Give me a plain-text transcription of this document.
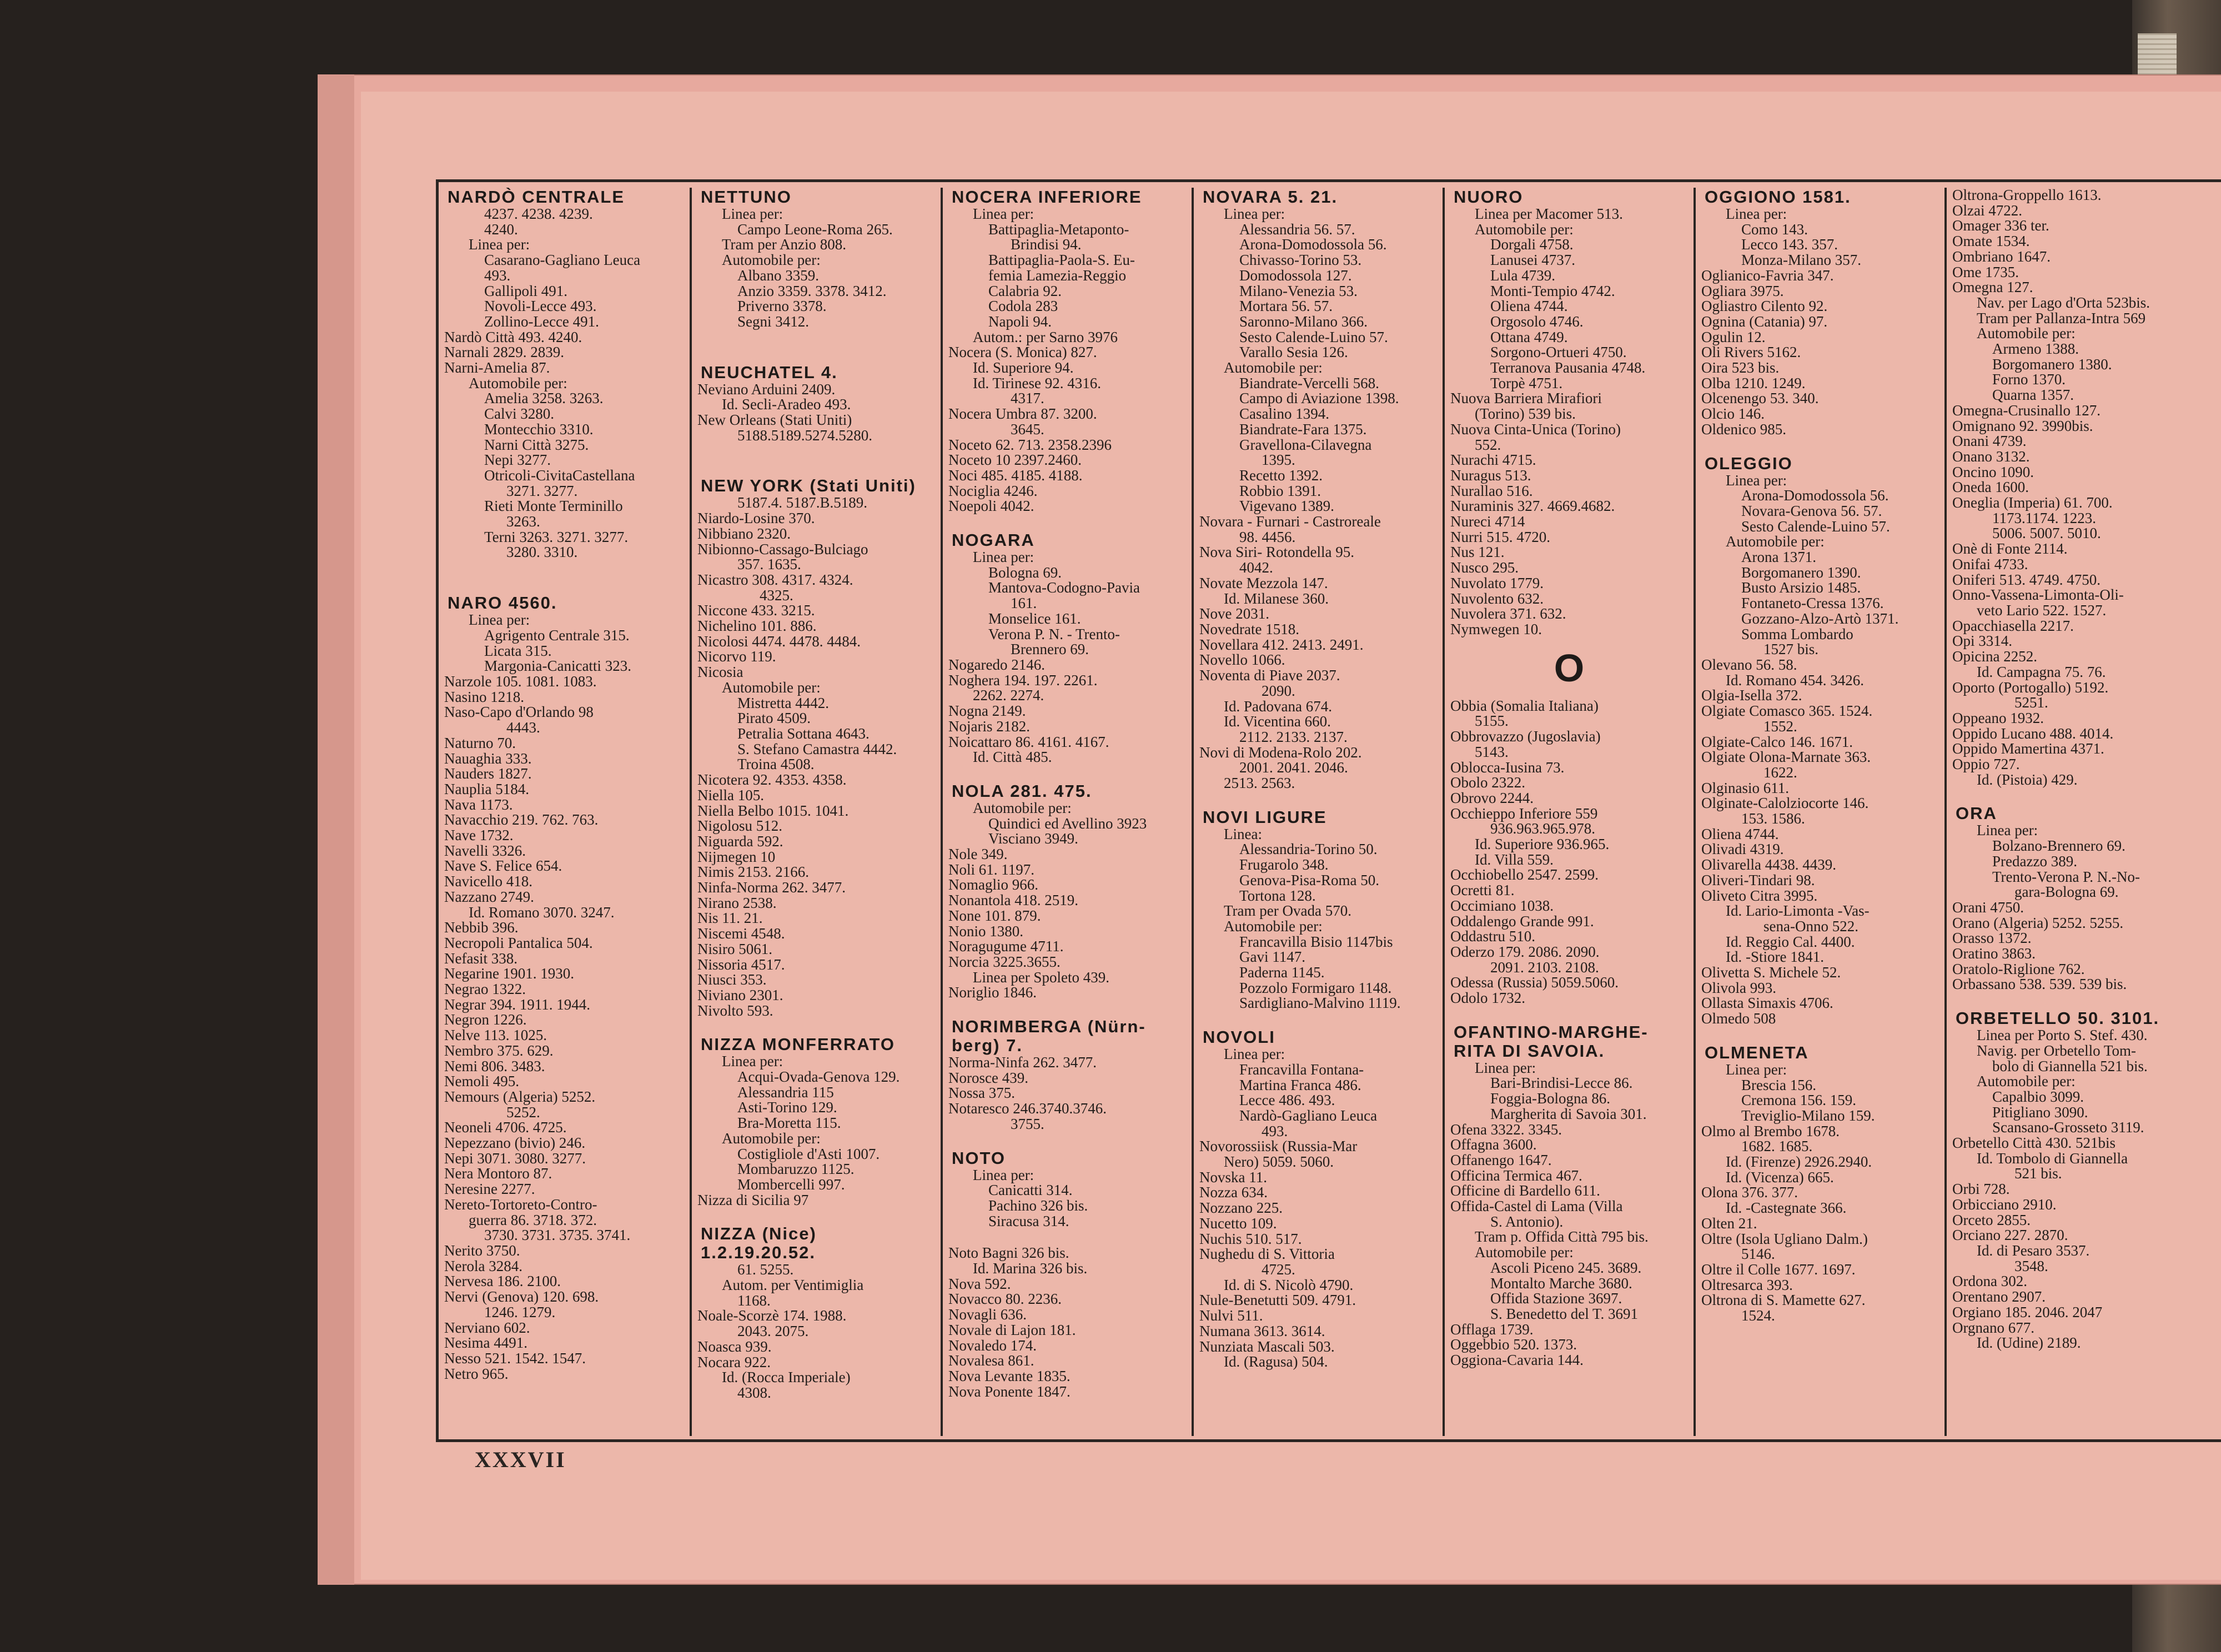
NARDÒ CENTRALE
4237. 4238. 4239.
4240.
Linea per:
Casarano-Gagliano Leuca
493.
Gallipoli 491.
Novoli-Lecce 493.
Zollino-Lecce 491.
Nardò Città 493. 4240.
Narnali 2829. 2839.
Narni-Amelia 87.
Automobile per:
Amelia 3258. 3263.
Calvi 3280.
Montecchio 3310.
Narni Città 3275.
Nepi 3277.
Otricoli-CivitaCastellana
3271. 3277.
Rieti Monte Terminillo
3263.
Terni 3263. 3271. 3277.
3280. 3310.
NARO 4560.
Linea per:
Agrigento Centrale 315.
Licata 315.
Margonia-Canicatti 323.
Narzole 105. 1081. 1083.
Nasino 1218.
Naso-Capo d'Orlando 98
4443.
Naturno 70.
Nauaghia 333.
Nauders 1827.
Nauplia 5184.
Nava 1173.
Navacchio 219. 762. 763.
Nave 1732.
Navelli 3326.
Nave S. Felice 654.
Navicello 418.
Nazzano 2749.
Id. Romano 3070. 3247.
Nebbib 396.
Necropoli Pantalica 504.
Nefasit 338.
Negarine 1901. 1930.
Negrao 1322.
Negrar 394. 1911. 1944.
Negron 1226.
Nelve 113. 1025.
Nembro 375. 629.
Nemi 806. 3483.
Nemoli 495.
Nemours (Algeria) 5252.
5252.
Neoneli 4706. 4725.
Nepezzano (bivio) 246.
Nepi 3071. 3080. 3277.
Nera Montoro 87.
Neresine 2277.
Nereto-Tortoreto-Contro-
guerra 86. 3718. 372.
3730. 3731. 3735. 3741.
Nerito 3750.
Nerola 3284.
Nervesa 186. 2100.
Nervi (Genova) 120. 698.
1246. 1279.
Nerviano 602.
Nesima 4491.
Nesso 521. 1542. 1547.
Netro 965.
NETTUNO
Linea per:
Campo Leone-Roma 265.
Tram per Anzio 808.
Automobile per:
Albano 3359.
Anzio 3359. 3378. 3412.
Priverno 3378.
Segni 3412.
NEUCHATEL 4.
Neviano Arduini 2409.
Id. Secli-Aradeo 493.
New Orleans (Stati Uniti)
5188.5189.5274.5280.
NEW YORK (Stati Uniti)
5187.4. 5187.B.5189.
Niardo-Losine 370.
Nibbiano 2320.
Nibionno-Cassago-Bulciago
357. 1635.
Nicastro 308. 4317. 4324.
4325.
Niccone 433. 3215.
Nichelino 101. 886.
Nicolosi 4474. 4478. 4484.
Nicorvo 119.
Nicosia
Automobile per:
Mistretta 4442.
Pirato 4509.
Petralia Sottana 4643.
S. Stefano Camastra 4442.
Troina 4508.
Nicotera 92. 4353. 4358.
Niella 105.
Niella Belbo 1015. 1041.
Nigolosu 512.
Niguarda 592.
Nijmegen 10
Nimis 2153. 2166.
Ninfa-Norma 262. 3477.
Nirano 2538.
Nis 11. 21.
Niscemi 4548.
Nisiro 5061.
Nissoria 4517.
Niusci 353.
Niviano 2301.
Nivolto 593.
NIZZA MONFERRATO
Linea per:
Acqui-Ovada-Genova 129.
Alessandria 115
Asti-Torino 129.
Bra-Moretta 115.
Automobile per:
Costigliole d'Asti 1007.
Mombaruzzo 1125.
Mombercelli 997.
Nizza di Sicilia 97
NIZZA (Nice) 1.2.19.20.52.
61. 5255.
Autom. per Ventimiglia
1168.
Noale-Scorzè 174. 1988.
2043. 2075.
Noasca 939.
Nocara 922.
Id. (Rocca Imperiale)
4308.
NOCERA INFERIORE
Linea per:
Battipaglia-Metaponto-
Brindisi 94.
Battipaglia-Paola-S. Eu-
femia Lamezia-Reggio
Calabria 92.
Codola 283
Napoli 94.
Autom.: per Sarno 3976
Nocera (S. Monica) 827.
Id. Superiore 94.
Id. Tirinese 92. 4316.
4317.
Nocera Umbra 87. 3200.
3645.
Noceto 62. 713. 2358.2396
Noceto 10 2397.2460.
Noci 485. 4185. 4188.
Nociglia 4246.
Noepoli 4042.
NOGARA
Linea per:
Bologna 69.
Mantova-Codogno-Pavia
161.
Monselice 161.
Verona P. N. - Trento-
Brennero 69.
Nogaredo 2146.
Noghera 194. 197. 2261.
2262. 2274.
Nogna 2149.
Nojaris 2182.
Noicattaro 86. 4161. 4167.
Id. Città 485.
NOLA 281. 475.
Automobile per:
Quindici ed Avellino 3923
Visciano 3949.
Nole 349.
Noli 61. 1197.
Nomaglio 966.
Nonantola 418. 2519.
None 101. 879.
Nonio 1380.
Noragugume 4711.
Norcia 3225.3655.
Linea per Spoleto 439.
Noriglio 1846.
NORIMBERGA (Nürn-
berg) 7.
Norma-Ninfa 262. 3477.
Norosce 439.
Nossa 375.
Notaresco 246.3740.3746.
3755.
NOTO
Linea per:
Canicatti 314.
Pachino 326 bis.
Siracusa 314.
Noto Bagni 326 bis.
Id. Marina 326 bis.
Nova 592.
Novacco 80. 2236.
Novagli 636.
Novale di Lajon 181.
Novaledo 174.
Novalesa 861.
Nova Levante 1835.
Nova Ponente 1847.
NOVARA 5. 21.
Linea per:
Alessandria 56. 57.
Arona-Domodossola 56.
Chivasso-Torino 53.
Domodossola 127.
Milano-Venezia 53.
Mortara 56. 57.
Saronno-Milano 366.
Sesto Calende-Luino 57.
Varallo Sesia 126.
Automobile per:
Biandrate-Vercelli 568.
Campo di Aviazione 1398.
Casalino 1394.
Biandrate-Fara 1375.
Gravellona-Cilavegna
1395.
Recetto 1392.
Robbio 1391.
Vigevano 1389.
Novara - Furnari - Castroreale
98. 4456.
Nova Siri- Rotondella 95.
4042.
Novate Mezzola 147.
Id. Milanese 360.
Nove 2031.
Novedrate 1518.
Novellara 412. 2413. 2491.
Novello 1066.
Noventa di Piave 2037.
2090.
Id. Padovana 674.
Id. Vicentina 660.
2112. 2133. 2137.
Novi di Modena-Rolo 202.
2001. 2041. 2046.
2513. 2563.
NOVI LIGURE
Linea:
Alessandria-Torino 50.
Frugarolo 348.
Genova-Pisa-Roma 50.
Tortona 128.
Tram per Ovada 570.
Automobile per:
Francavilla Bisio 1147bis
Gavi 1147.
Paderna 1145.
Pozzolo Formigaro 1148.
Sardigliano-Malvino 1119.
NOVOLI
Linea per:
Francavilla Fontana-
Martina Franca 486.
Lecce 486. 493.
Nardò-Gagliano Leuca
493.
Novorossiisk (Russia-Mar
Nero) 5059. 5060.
Novska 11.
Nozza 634.
Nozzano 225.
Nucetto 109.
Nuchis 510. 517.
Nughedu di S. Vittoria
4725.
Id. di S. Nicolò 4790.
Nule-Benetutti 509. 4791.
Nulvi 511.
Numana 3613. 3614.
Nunziata Mascali 503.
Id. (Ragusa) 504.
NUORO
Linea per Macomer 513.
Automobile per:
Dorgali 4758.
Lanusei 4737.
Lula 4739.
Monti-Tempio 4742.
Oliena 4744.
Orgosolo 4746.
Ottana 4749.
Sorgono-Ortueri 4750.
Terranova Pausania 4748.
Torpè 4751.
Nuova Barriera Mirafiori
(Torino) 539 bis.
Nuova Cinta-Unica (Torino)
552.
Nurachi 4715.
Nuragus 513.
Nurallao 516.
Nuraminis 327. 4669.4682.
Nureci 4714
Nurri 515. 4720.
Nus 121.
Nusco 295.
Nuvolato 1779.
Nuvolento 632.
Nuvolera 371. 632.
Nymwegen 10.
O
Obbia (Somalia Italiana)
5155.
Obbrovazzo (Jugoslavia)
5143.
Oblocca-Iusina 73.
Obolo 2322.
Obrovo 2244.
Occhieppo Inferiore 559
936.963.965.978.
Id. Superiore 936.965.
Id. Villa 559.
Occhiobello 2547. 2599.
Ocretti 81.
Occimiano 1038.
Oddalengo Grande 991.
Oddastru 510.
Oderzo 179. 2086. 2090.
2091. 2103. 2108.
Odessa (Russia) 5059.5060.
Odolo 1732.
OFANTINO-MARGHE-
RITA DI SAVOIA.
Linea per:
Bari-Brindisi-Lecce 86.
Foggia-Bologna 86.
Margherita di Savoia 301.
Ofena 3322. 3345.
Offagna 3600.
Offanengo 1647.
Officina Termica 467.
Officine di Bardello 611.
Offida-Castel di Lama (Villa
S. Antonio).
Tram p. Offida Città 795 bis.
Automobile per:
Ascoli Piceno 245. 3689.
Montalto Marche 3680.
Offida Stazione 3697.
S. Benedetto del T. 3691
Offlaga 1739.
Oggebbio 520. 1373.
Oggiona-Cavaria 144.
OGGIONO 1581.
Linea per:
Como 143.
Lecco 143. 357.
Monza-Milano 357.
Oglianico-Favria 347.
Ogliara 3975.
Ogliastro Cilento 92.
Ognina (Catania) 97.
Ogulin 12.
Oli Rivers 5162.
Oira 523 bis.
Olba 1210. 1249.
Olcenengo 53. 340.
Olcio 146.
Oldenico 985.
OLEGGIO
Linea per:
Arona-Domodossola 56.
Novara-Genova 56. 57.
Sesto Calende-Luino 57.
Automobile per:
Arona 1371.
Borgomanero 1390.
Busto Arsizio 1485.
Fontaneto-Cressa 1376.
Gozzano-Alzo-Artò 1371.
Somma Lombardo
1527 bis.
Olevano 56. 58.
Id. Romano 454. 3426.
Olgia-Isella 372.
Olgiate Comasco 365. 1524.
1552.
Olgiate-Calco 146. 1671.
Olgiate Olona-Marnate 363.
1622.
Olginasio 611.
Olginate-Calolziocorte 146.
153. 1586.
Oliena 4744.
Olivadi 4319.
Olivarella 4438. 4439.
Oliveri-Tindari 98.
Oliveto Citra 3995.
Id. Lario-Limonta -Vas-
sena-Onno 522.
Id. Reggio Cal. 4400.
Id. -Stiore 1841.
Olivetta S. Michele 52.
Olivola 993.
Ollasta Simaxis 4706.
Olmedo 508
OLMENETA
Linea per:
Brescia 156.
Cremona 156. 159.
Treviglio-Milano 159.
Olmo al Brembo 1678.
1682. 1685.
Id. (Firenze) 2926.2940.
Id. (Vicenza) 665.
Olona 376. 377.
Id. -Castegnate 366.
Olten 21.
Oltre (Isola Ugliano Dalm.)
5146.
Oltre il Colle 1677. 1697.
Oltresarca 393.
Oltrona di S. Mamette 627.
1524.
Oltrona-Groppello 1613.
Olzai 4722.
Omager 336 ter.
Omate 1534.
Ombriano 1647.
Ome 1735.
Omegna 127.
Nav. per Lago d'Orta 523bis.
Tram per Pallanza-Intra 569
Automobile per:
Armeno 1388.
Borgomanero 1380.
Forno 1370.
Quarna 1357.
Omegna-Crusinallo 127.
Omignano 92. 3990bis.
Onani 4739.
Onano 3132.
Oncino 1090.
Oneda 1600.
Oneglia (Imperia) 61. 700.
1173.1174. 1223.
5006. 5007. 5010.
Onè di Fonte 2114.
Onifai 4733.
Oniferi 513. 4749. 4750.
Onno-Vassena-Limonta-Oli-
veto Lario 522. 1527.
Opacchiasella 2217.
Opi 3314.
Opicina 2252.
Id. Campagna 75. 76.
Oporto (Portogallo) 5192.
5251.
Oppeano 1932.
Oppido Lucano 488. 4014.
Oppido Mamertina 4371.
Oppio 727.
Id. (Pistoia) 429.
ORA
Linea per:
Bolzano-Brennero 69.
Predazzo 389.
Trento-Verona P. N.-No-
gara-Bologna 69.
Orani 4750.
Orano (Algeria) 5252. 5255.
Orasso 1372.
Oratino 3863.
Oratolo-Riglione 762.
Orbassano 538. 539. 539 bis.
ORBETELLO 50. 3101.
Linea per Porto S. Stef. 430.
Navig. per Orbetello Tom-
bolo di Giannella 521 bis.
Automobile per:
Capalbio 3099.
Pitigliano 3090.
Scansano-Grosseto 3119.
Orbetello Città 430. 521bis
Id. Tombolo di Giannella
521 bis.
Orbi 728.
Orbicciano 2910.
Orceto 2855.
Orciano 227. 2870.
Id. di Pesaro 3537.
3548.
Ordona 302.
Orentano 2907.
Orgiano 185. 2046. 2047
Orgnano 677.
Id. (Udine) 2189.
XXXVII
